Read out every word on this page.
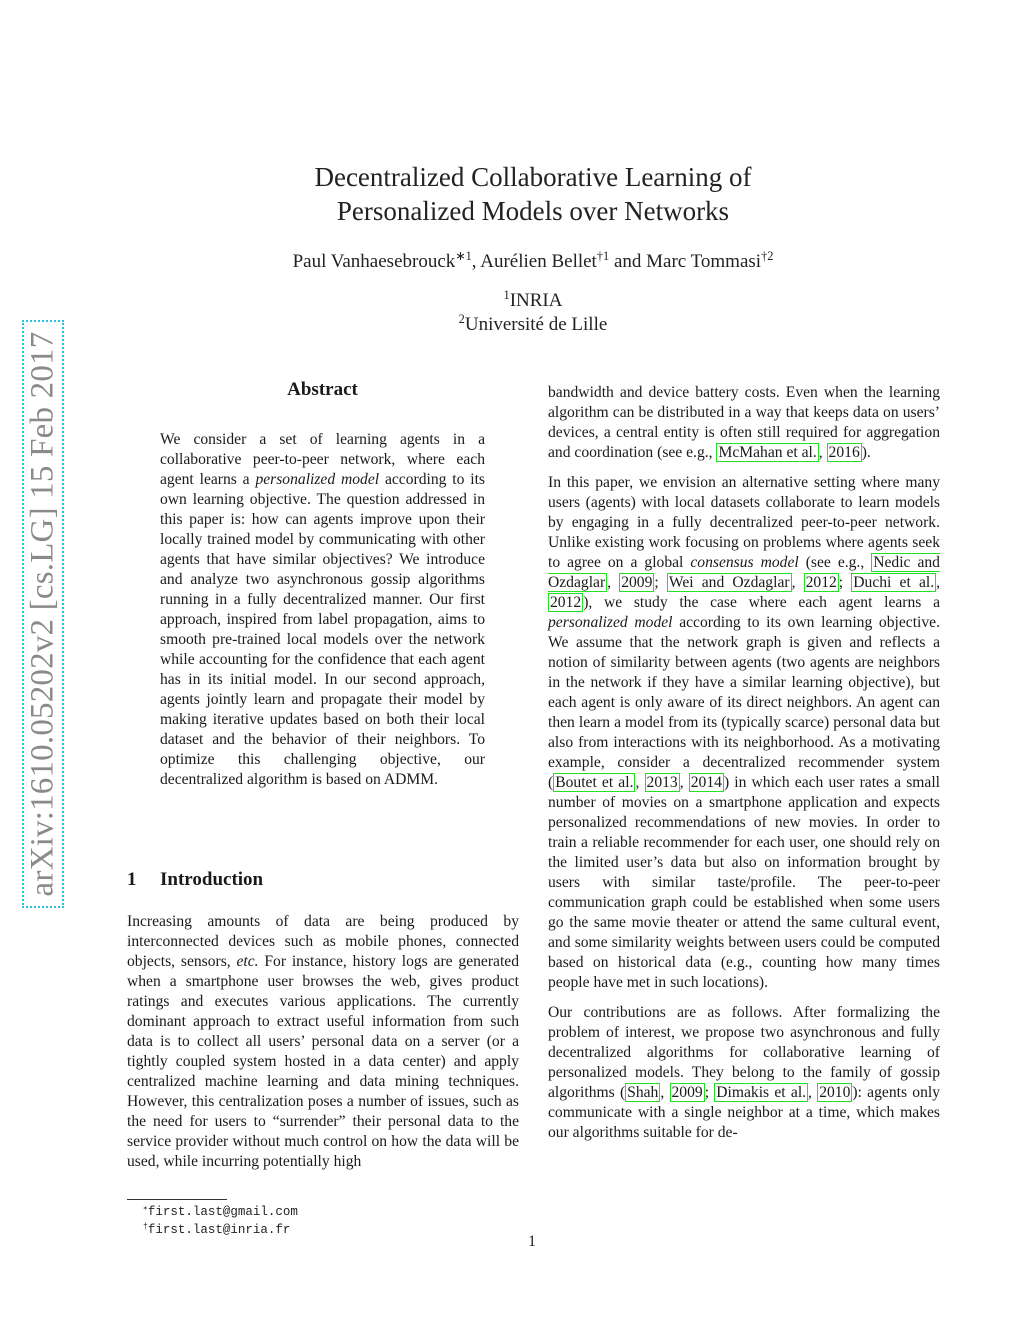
arXiv:1610.05202v2 [cs.LG] 15 Feb 2017
Decentralized Collaborative Learning of
Personalized Models over Networks
Paul Vanhaesebrouck$^{∗1}$, Aurélien Bellet$^{\dagger 1}$ and Marc Tommasi$^{\dagger 2}$
$^1$INRIA
$^2$Université de Lille
Abstract
We consider a set of learning agents in a collaborative peer-to-peer network, where each agent learns a personalized model according to its own learning objective. The question addressed in this paper is: how can agents improve upon their locally trained model by communicating with other agents that have similar objectives? We introduce and analyze two asynchronous gossip algorithms running in a fully decentralized manner. Our first approach, inspired from label propagation, aims to smooth pre-trained local models over the network while accounting for the confidence that each agent has in its initial model. In our second approach, agents jointly learn and propagate their model by making iterative updates based on both their local dataset and the behavior of their neighbors. To optimize this challenging objective, our decentralized algorithm is based on ADMM.
1 Introduction
Increasing amounts of data are being produced by interconnected devices such as mobile phones, connected objects, sensors, etc. For instance, history logs are generated when a smartphone user browses the web, gives product ratings and executes various applications. The currently dominant approach to extract useful information from such data is to collect all users’ personal data on a server (or a tightly coupled system hosted in a data center) and apply centralized machine learning and data mining techniques. However, this centralization poses a number of issues, such as the need for users to “surrender” their personal data to the service provider without much control on how the data will be used, while incurring potentially high
∗first.last@gmail.com
†first.last@inria.fr

bandwidth and device battery costs. Even when the learning algorithm can be distributed in a way that keeps data on users’ devices, a central entity is often still required for aggregation and coordination (see e.g., McMahan et al. , 2016 ).

In this paper, we envision an alternative setting where many users (agents) with local datasets collaborate to learn models by engaging in a fully decentralized peer-to-peer network. Unlike existing work focusing on problems where agents seek to agree on a global consensus model (see e.g., Nedic and Ozdaglar , 2009 ; Wei and Ozdaglar , 2012 ; Duchi et al. , 2012 ), we study the case where each agent learns a personalized model according to its own learning objective. We assume that the network graph is given and reflects a notion of similarity between agents (two agents are neighbors in the network if they have a similar learning objective), but each agent is only aware of its direct neighbors. An agent can then learn a model from its (typically scarce) personal data but also from interactions with its neighborhood. As a motivating example, consider a decentralized recommender system ( Boutet et al. , 2013 , 2014 ) in which each user rates a small number of movies on a smartphone application and expects personalized recommendations of new movies. In order to train a reliable recommender for each user, one should rely on the limited user’s data but also on information brought by users with similar taste/profile. The peer-to-peer communication graph could be established when some users go the same movie theater or attend the same cultural event, and some similarity weights between users could be computed based on historical data (e.g., counting how many times people have met in such locations).

Our contributions are as follows. After formalizing the problem of interest, we propose two asynchronous and fully decentralized algorithms for collaborative learning of personalized models. They belong to the family of gossip algorithms ( Shah , 2009 ; Dimakis et al. , 2010 ): agents only communicate with a single neighbor at a time, which makes our algorithms suitable for de-

1
